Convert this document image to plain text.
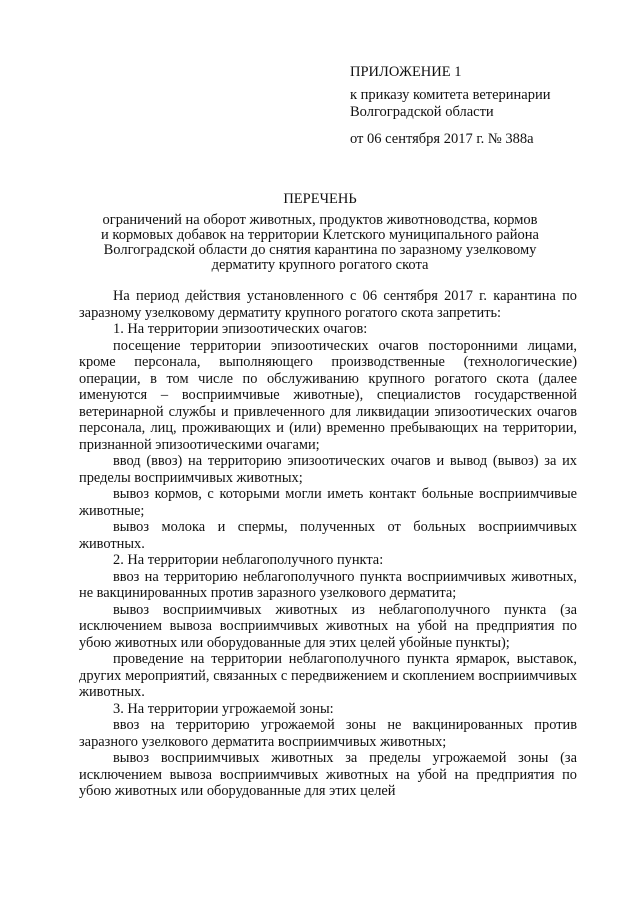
ПРИЛОЖЕНИЕ 1
к приказу комитета ветеринарии
Волгоградской области
от 06 сентября 2017 г. № 388а
ПЕРЕЧЕНЬ
ограничений на оборот животных, продуктов животноводства, кормов
и кормовых добавок на территории Клетского муниципального района
Волгоградской области до снятия карантина по заразному узелковому
дерматиту крупного рогатого скота

На период действия установленного с 06 сентября 2017 г. карантина по заразному узелковому дерматиту крупного рогатого скота запретить:

1. На территории эпизоотических очагов:

посещение территории эпизоотических очагов посторонними лицами, кроме персонала, выполняющего производственные (технологические) операции, в том числе по обслуживанию крупного рогатого скота (далее именуются – восприимчивые животные), специалистов государственной ветеринарной службы и привлеченного для ликвидации эпизоотических очагов персонала, лиц, проживающих и (или) временно пребывающих на территории, признанной эпизоотическими очагами;

ввод (ввоз) на территорию эпизоотических очагов и вывод (вывоз) за их пределы восприимчивых животных;

вывоз кормов, с которыми могли иметь контакт больные восприимчивые животные;

вывоз молока и спермы, полученных от больных восприимчивых животных.

2. На территории неблагополучного пункта:

ввоз на территорию неблагополучного пункта восприимчивых животных, не вакцинированных против заразного узелкового дерматита;

вывоз восприимчивых животных из неблагополучного пункта (за исключением вывоза восприимчивых животных на убой на предприятия по убою животных или оборудованные для этих целей убойные пункты);

проведение на территории неблагополучного пункта ярмарок, выставок, других мероприятий, связанных с передвижением и скоплением восприимчивых животных.

3. На территории угрожаемой зоны:

ввоз на территорию угрожаемой зоны не вакцинированных против заразного узелкового дерматита восприимчивых животных;

вывоз восприимчивых животных за пределы угрожаемой зоны (за исключением вывоза восприимчивых животных на убой на предприятия по убою животных или оборудованные для этих целей
